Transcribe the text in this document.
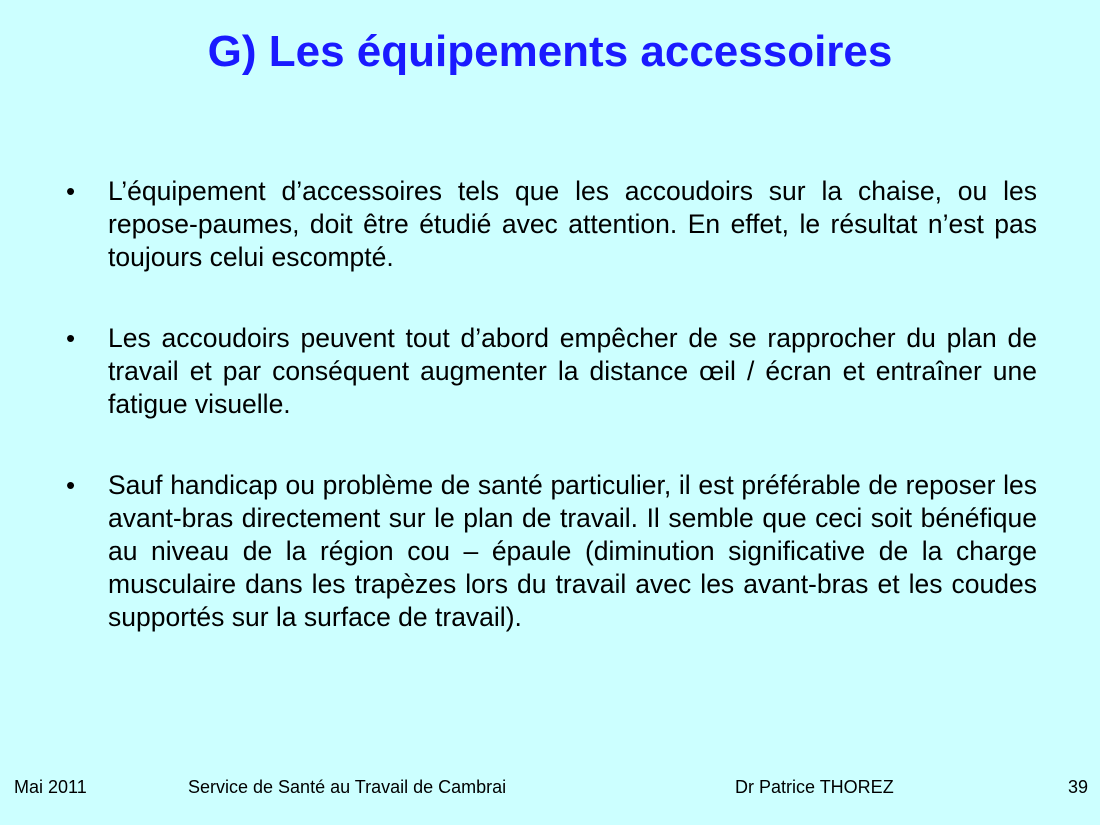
G) Les équipements accessoires
• L’équipement d’accessoires tels que les accoudoirs sur la chaise, ou les repose-paumes, doit être étudié avec attention. En effet, le résultat n’est pas toujours celui escompté.
• Les accoudoirs peuvent tout d’abord empêcher de se rapprocher du plan de travail et par conséquent augmenter la distance œil / écran et entraîner une fatigue visuelle.
• Sauf handicap ou problème de santé particulier, il est préférable de reposer les avant-bras directement sur le plan de travail. Il semble que ceci soit bénéfique au niveau de la région cou – épaule (diminution significative de la charge musculaire dans les trapèzes lors du travail avec les avant-bras et les coudes supportés sur la surface de travail).
Mai 2011	Service de Santé au Travail de Cambrai	Dr Patrice THOREZ	39
